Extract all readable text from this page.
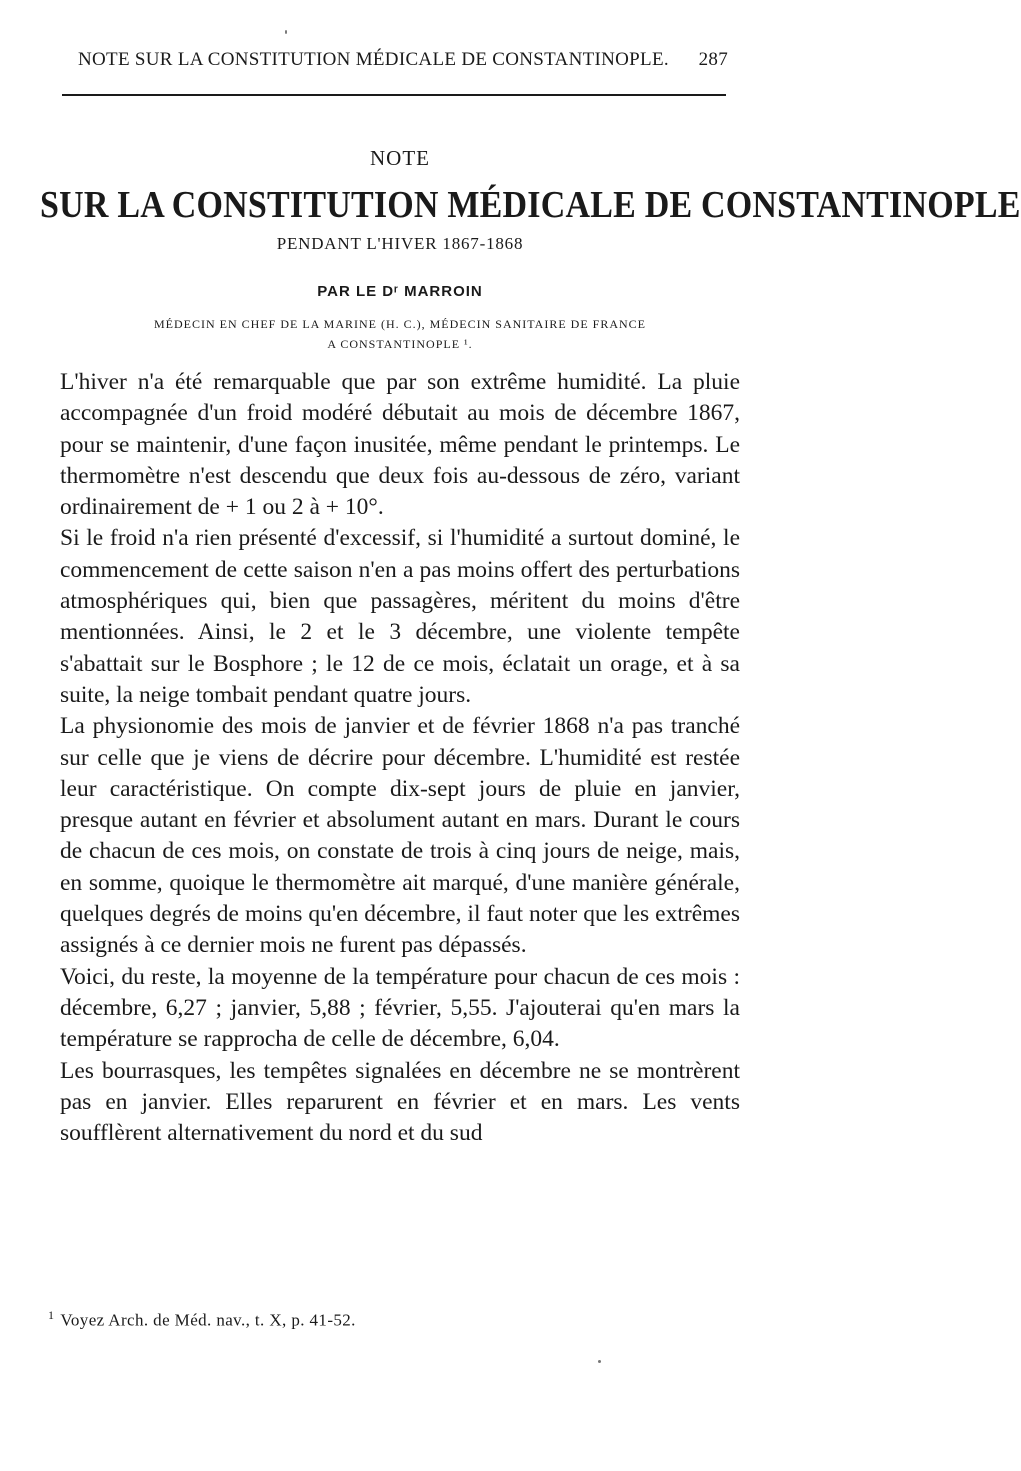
NOTE SUR LA CONSTITUTION MÉDICALE DE CONSTANTINOPLE. 287
NOTE
SUR LA CONSTITUTION MÉDICALE DE CONSTANTINOPLE
PENDANT L'HIVER 1867-1868
PAR LE Dʳ MARROIN
MÉDECIN EN CHEF DE LA MARINE (H. C.), MÉDECIN SANITAIRE DE FRANCE
A CONSTANTINOPLE ¹.

L'hiver n'a été remarquable que par son extrême humidité. La pluie accompagnée d'un froid modéré débutait au mois de décembre 1867, pour se maintenir, d'une façon inusitée, même pendant le printemps. Le thermomètre n'est descendu que deux fois au-dessous de zéro, variant ordinairement de + 1 ou 2 à + 10°.

Si le froid n'a rien présenté d'excessif, si l'humidité a surtout dominé, le commencement de cette saison n'en a pas moins offert des perturbations atmosphériques qui, bien que passagères, méritent du moins d'être mentionnées. Ainsi, le 2 et le 3 décembre, une violente tempête s'abattait sur le Bosphore ; le 12 de ce mois, éclatait un orage, et à sa suite, la neige tombait pendant quatre jours.

La physionomie des mois de janvier et de février 1868 n'a pas tranché sur celle que je viens de décrire pour décembre. L'humidité est restée leur caractéristique. On compte dix-sept jours de pluie en janvier, presque autant en février et absolument autant en mars. Durant le cours de chacun de ces mois, on constate de trois à cinq jours de neige, mais, en somme, quoique le thermomètre ait marqué, d'une manière générale, quelques degrés de moins qu'en décembre, il faut noter que les extrêmes assignés à ce dernier mois ne furent pas dépassés.

Voici, du reste, la moyenne de la température pour chacun de ces mois : décembre, 6,27 ; janvier, 5,88 ; février, 5,55. J'ajouterai qu'en mars la température se rapprocha de celle de décembre, 6,04.

Les bourrasques, les tempêtes signalées en décembre ne se montrèrent pas en janvier. Elles reparurent en février et en mars. Les vents soufflèrent alternativement du nord et du sud

$^1$ Voyez Arch. de Méd. nav., t. X, p. 41-52.
